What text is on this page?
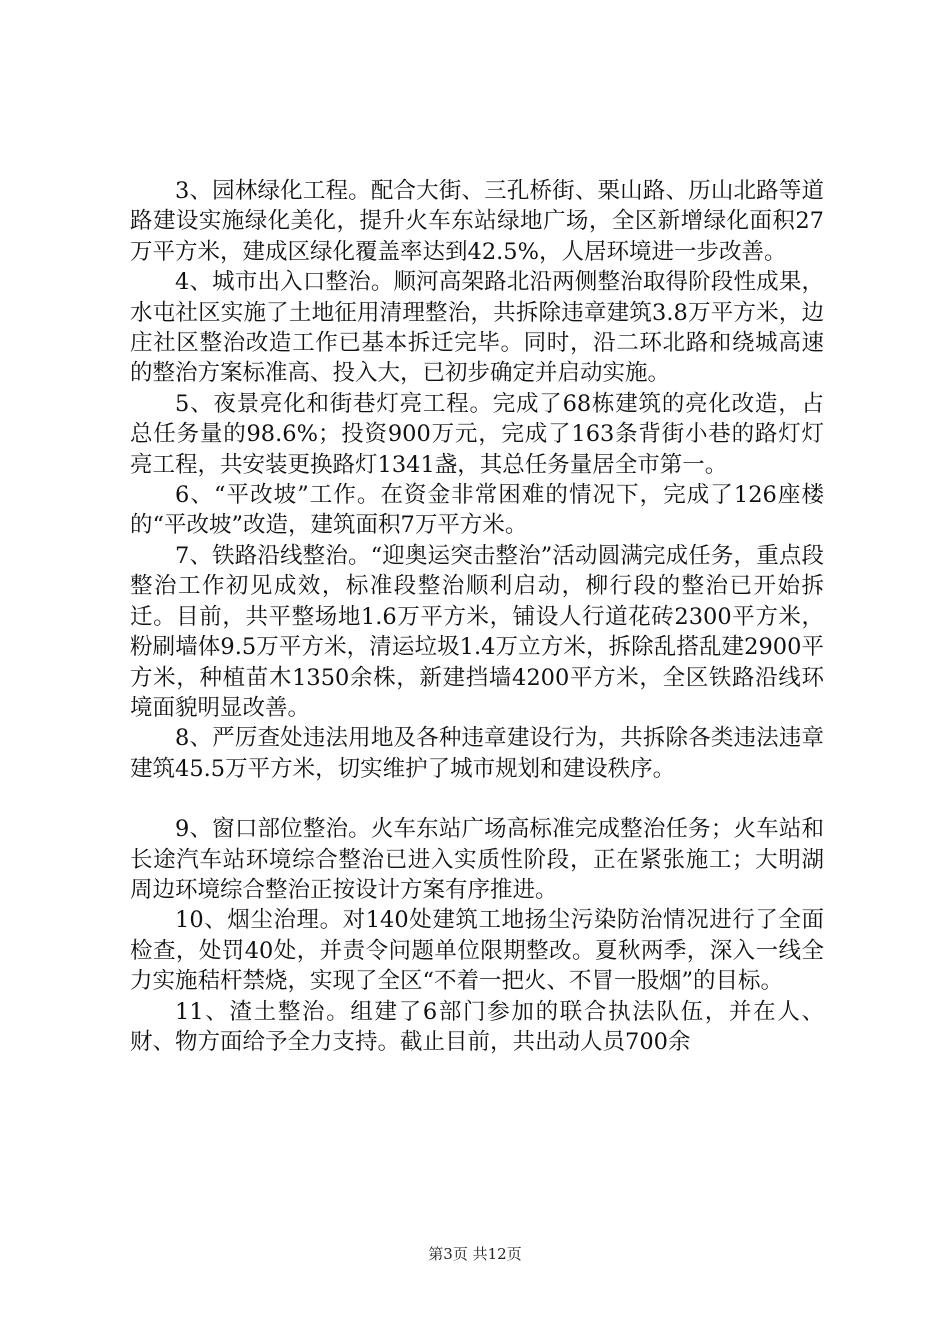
3、园林绿化工程。配合大街、三孔桥街、栗山路、历山北路等道路建设实施绿化美化，提升火车东站绿地广场，全区新增绿化面积27万平方米，建成区绿化覆盖率达到42.5%，人居环境进一步改善。

4、城市出入口整治。顺河高架路北沿两侧整治取得阶段性成果，水屯社区实施了土地征用清理整治，共拆除违章建筑3.8万平方米，边庄社区整治改造工作已基本拆迁完毕。同时，沿二环北路和绕城高速的整治方案标准高、投入大，已初步确定并启动实施。

5、夜景亮化和街巷灯亮工程。完成了68栋建筑的亮化改造，占总任务量的98.6%；投资900万元，完成了163条背街小巷的路灯灯亮工程，共安装更换路灯1341盏，其总任务量居全市第一。

6、“平改坡”工作。在资金非常困难的情况下，完成了126座楼的“平改坡”改造，建筑面积7万平方米。

7、铁路沿线整治。“迎奥运突击整治”活动圆满完成任务，重点段整治工作初见成效，标准段整治顺利启动，柳行段的整治已开始拆迁。目前，共平整场地1.6万平方米，铺设人行道花砖2300平方米，粉刷墙体9.5万平方米，清运垃圾1.4万立方米，拆除乱搭乱建2900平方米，种植苗木1350余株，新建挡墙4200平方米，全区铁路沿线环境面貌明显改善。

8、严厉查处违法用地及各种违章建设行为，共拆除各类违法违章建筑45.5万平方米，切实维护了城市规划和建设秩序。

9、窗口部位整治。火车东站广场高标准完成整治任务；火车站和长途汽车站环境综合整治已进入实质性阶段，正在紧张施工；大明湖周边环境综合整治正按设计方案有序推进。

10、烟尘治理。对140处建筑工地扬尘污染防治情况进行了全面检查，处罚40处，并责令问题单位限期整改。夏秋两季，深入一线全力实施秸杆禁烧，实现了全区“不着一把火、不冒一股烟”的目标。

11、渣土整治。组建了6部门参加的联合执法队伍，并在人、财、物方面给予全力支持。截止目前，共出动人员700余

第3页 共12页
